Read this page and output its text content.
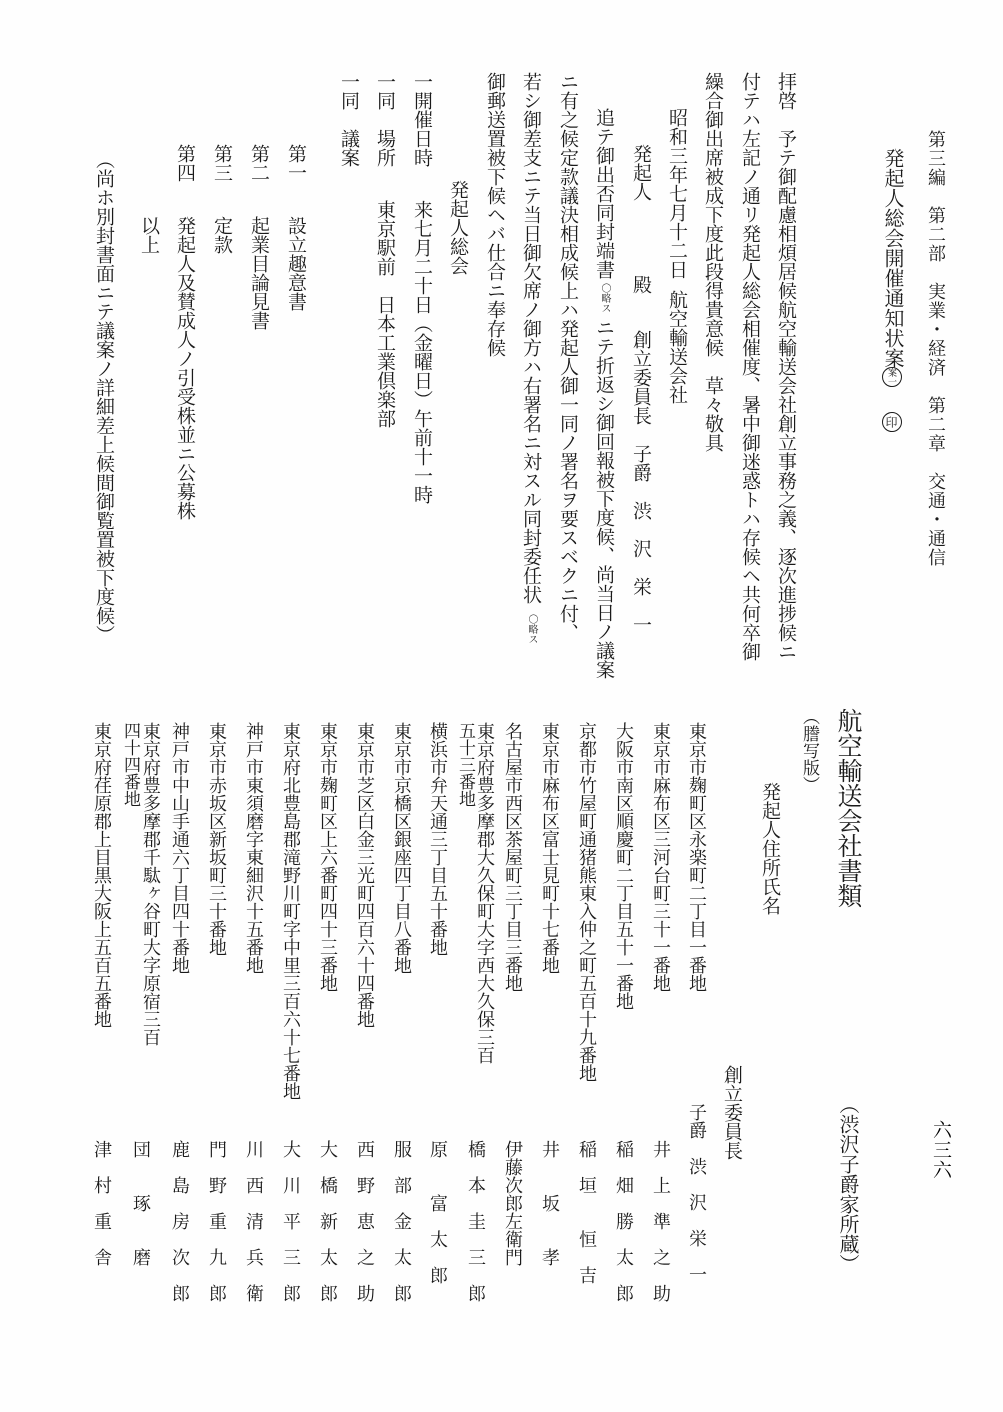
第三編　第二部　実業・経済　第二章　交通・通信
六三六
発起人総会開催通知状案
案一  印
拝啓　予テ御配慮相煩居候航空輸送会社創立事務之義、逐次進捗候ニ
付テハ左記ノ通リ発起人総会相催度、暑中御迷惑トハ存候ヘ共何卒御
繰合御出席被成下度此段得貴意候　草々敬具
昭和三年七月十二日
航空輸送会社
創立委員長　子爵　渋　沢　栄　一
発起人
殿
追テ御出否同封端書
〇略ス
ニテ折返シ御回報被下度候、尚当日ノ議案
ニ有之候定款議決相成候上ハ発起人御一同ノ署名ヲ要スベクニ付、
若シ御差支ニテ当日御欠席ノ御方ハ右署名ニ対スル同封委任状
〇略ス
御郵送置被下候ヘバ仕合ニ奉存候
発起人総会
一開催日時
来七月二十日（金曜日）午前十一時
一同　場所
東京駅前　日本工業倶楽部
一同　議案
第一
設立趣意書
第二
起業目論見書
第三
定款
第四
発起人及賛成人ノ引受株並ニ公募株
以上
（尚ホ別封書面ニテ議案ノ詳細差上候間御覧置被下度候）
航空輸送会社書類
（渋沢子爵家所蔵）
（謄写版）
発起人住所氏名
創立委員長
東京市麹町区永楽町二丁目一番地
子爵　渋　沢　栄　一
東京市麻布区三河台町三十一番地
井　上　準　之　助
大阪市南区順慶町二丁目五十一番地
稲　畑　勝　太　郎
京都市竹屋町通猪熊東入仲之町五百十九番地
稲　垣　　恒　吉
東京市麻布区富士見町十七番地
井　　坂　　孝
名古屋市西区茶屋町三丁目三番地
伊藤次郎左衛門
東京府豊多摩郡大久保町大字西大久保三百
五十三番地
橋　本　圭　三　郎
横浜市弁天通三丁目五十番地
原　　富　太　郎
東京市京橋区銀座四丁目八番地
服　部　金　太　郎
東京市芝区白金三光町四百六十四番地
西　野　恵　之　助
東京市麹町区上六番町四十三番地
大　橋　新　太　郎
東京府北豊島郡滝野川町字中里三百六十七番地
大　川　平　三　郎
神戸市東須磨字東細沢十五番地
川　西　清　兵　衛
東京市赤坂区新坂町三十番地
門　野　重　九　郎
神戸市中山手通六丁目四十番地
鹿　島　房　次　郎
東京府豊多摩郡千駄ヶ谷町大字原宿三百
四十四番地
団　　琢　　磨
東京府荏原郡上目黒大阪上五百五番地
津　村　重　舎
